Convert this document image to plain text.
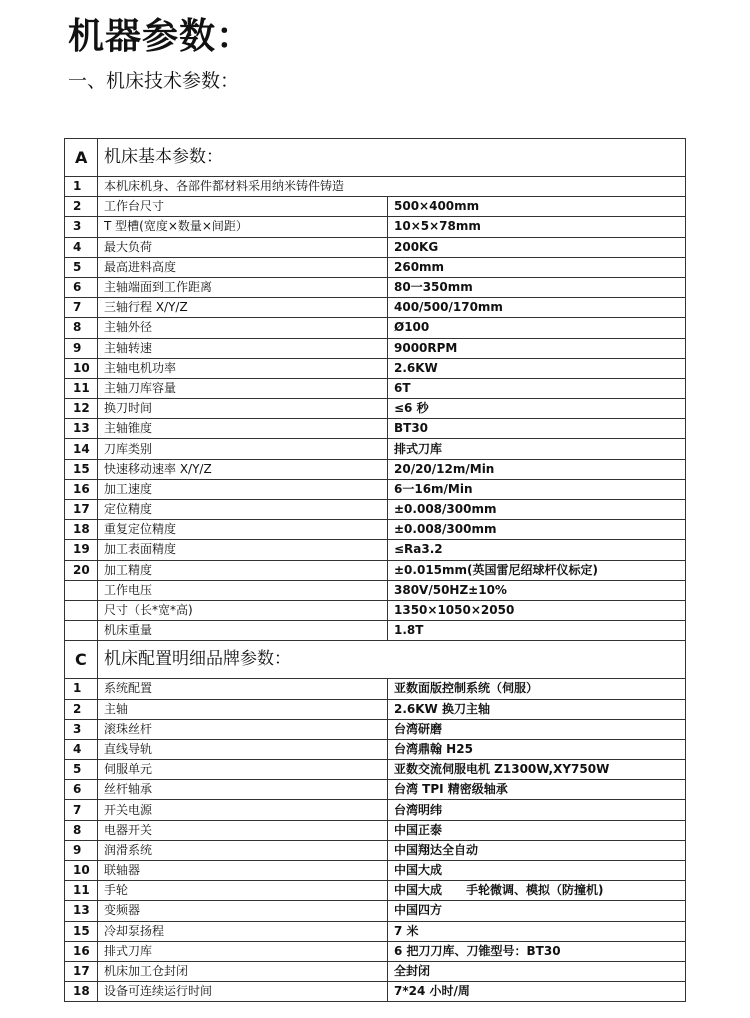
机器参数：
一、机床技术参数：
A	机床基本参数：	
1	本机床机身、各部件都材料采用纳米铸件铸造	
2	工作台尺寸	500×400mm
3	T 型槽(宽度×数量×间距）	10×5×78mm
4	最大负荷	200KG
5	最高进料高度	260mm
6	主轴端面到工作距离	80一350mm
7	三轴行程 X/Y/Z	400/500/170mm
8	主轴外径	Ø100
9	主轴转速	9000RPM
10	主轴电机功率	2.6KW
11	主轴刀库容量	6T
12	换刀时间	≤6 秒
13	主轴锥度	BT30
14	刀库类别	排式刀库
15	快速移动速率 X/Y/Z	20/20/12m/Min
16	加工速度	6一16m/Min
17	定位精度	±0.008/300mm
18	重复定位精度	±0.008/300mm
19	加工表面精度	≤Ra3.2
20	加工精度	±0.015mm(英国雷尼绍球杆仪标定)
	工作电压	380V/50HZ±10%
	尺寸（长*宽*高)	1350×1050×2050
	机床重量	1.8T
C	机床配置明细品牌参数：	
1	系统配置	亚数面版控制系统（伺服）
2	主轴	2.6KW 换刀主轴
3	滚珠丝杆	台湾研磨
4	直线导轨	台湾鼎翰 H25
5	伺服单元	亚数交流伺服电机 Z1300W,XY750W
6	丝杆轴承	台湾 TPI 精密级轴承
7	开关电源	台湾明纬
8	电器开关	中国正泰
9	润滑系统	中国翔达全自动
10	联轴器	中国大成
11	手轮	中国大成　　手轮微调、模拟（防撞机)
13	变频器	中国四方
15	冷却泵扬程	7 米
16	排式刀库	6 把刀刀库、刀锥型号：BT30
17	机床加工仓封闭	全封闭
18	设备可连续运行时间	7*24 小时/周
